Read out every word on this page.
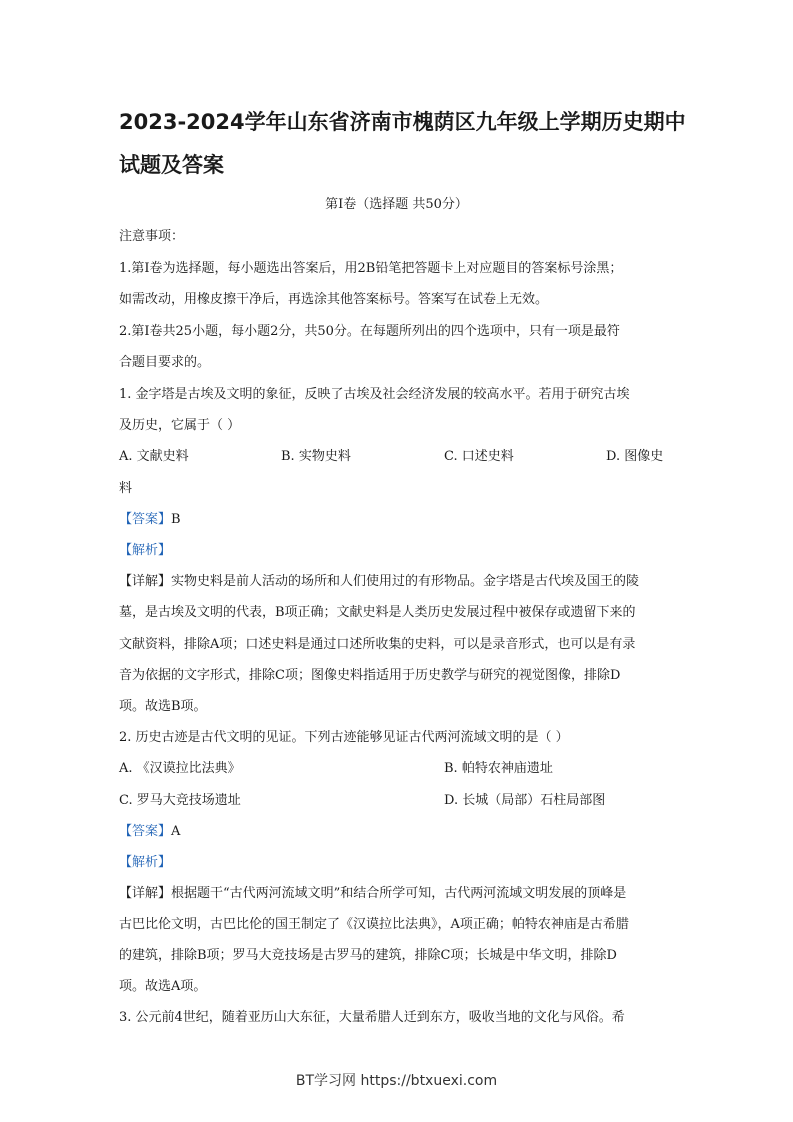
2023-2024学年山东省济南市槐荫区九年级上学期历史期中
试题及答案
第Ⅰ卷（选择题 共50分）
注意事项：
1.第Ⅰ卷为选择题，每小题选出答案后，用2B铅笔把答题卡上对应题目的答案标号涂黑；
如需改动，用橡皮擦干净后，再选涂其他答案标号。答案写在试卷上无效。
2.第Ⅰ卷共25小题，每小题2分，共50分。在每题所列出的四个选项中，只有一项是最符
合题目要求的。
1. 金字塔是古埃及文明的象征，反映了古埃及社会经济发展的较高水平。若用于研究古埃
及历史，它属于（ ）
A. 文献史料	B. 实物史料	C. 口述史料	D. 图像史
料
【答案】B
【解析】
【详解】实物史料是前人活动的场所和人们使用过的有形物品。金字塔是古代埃及国王的陵
墓，是古埃及文明的代表，B项正确；文献史料是人类历史发展过程中被保存或遗留下来的
文献资料，排除A项；口述史料是通过口述所收集的史料，可以是录音形式，也可以是有录
音为依据的文字形式，排除C项；图像史料指适用于历史教学与研究的视觉图像，排除D
项。故选B项。
2. 历史古迹是古代文明的见证。下列古迹能够见证古代两河流域文明的是（ ）
A. 《汉谟拉比法典》	B. 帕特农神庙遗址
C. 罗马大竞技场遗址	D. 长城（局部）石柱局部图
【答案】A
【解析】
【详解】根据题干“古代两河流域文明”和结合所学可知，古代两河流域文明发展的顶峰是
古巴比伦文明，古巴比伦的国王制定了《汉谟拉比法典》，A项正确；帕特农神庙是古希腊
的建筑，排除B项；罗马大竞技场是古罗马的建筑，排除C项；长城是中华文明，排除D
项。故选A项。
3. 公元前4世纪，随着亚历山大东征，大量希腊人迁到东方，吸收当地的文化与风俗。希
BT学习网 https://btxuexi.com
